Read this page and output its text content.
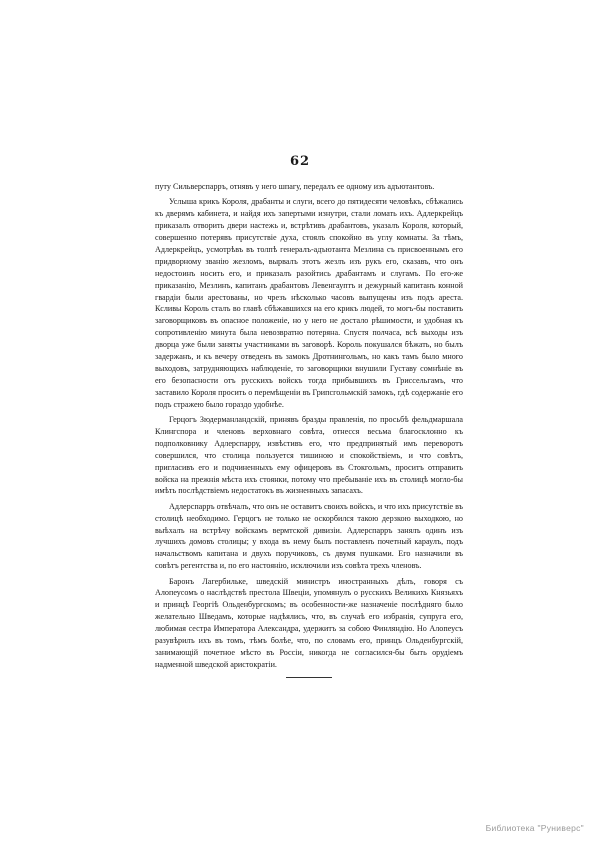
62

путу Сильверспарръ, отнявъ у него шпагу, передалъ ее одному изъ адъютантовъ.

Услыша крикъ Короля, драбанты и слуги, всего до пятидесяти человѣкъ, сбѣжались къ дверямъ кабинета, и найдя ихъ запертыми изнутри, стали ломать ихъ. Адлеркрейцъ приказалъ отворить двери настежь и, встрѣтивъ драбантовъ, указалъ Короля, который, совершенно потерявъ присутствіе духа, стоялъ спокойно въ углу комнаты. За тѣмъ, Адлеркрейцъ, усмотрѣвъ въ толпѣ генералъ-адъютанта Мезлина съ присвоеннымъ его придворному званію жезломъ, вырвалъ этотъ жезлъ изъ рукъ его, сказавъ, что онъ недостоинъ носить его, и приказалъ разойтись драбантамъ и слугамъ. По его-же приказанію, Мезлинъ, капитанъ драбантовъ Левенгауптъ и дежурный капитанъ конной гвардіи были арестованы, но чрезъ нѣсколько часовъ выпущены изъ подъ ареста. Ксливы Король сталъ во главѣ сбѣжавшихся на его крикъ людей, то могъ-бы поставить заговорщиковъ въ опасное положеніе, но у него не достало рѣшимости, и удобная къ сопротивленію минута была невозвратно потеряна. Спустя полчаса, всѣ выходы изъ дворца уже были заняты участниками въ заговорѣ. Король покушался бѣжать, но былъ задержанъ, и къ вечеру отведенъ въ замокъ Дротнингольмъ, но какъ тамъ было много выходовъ, затрудняющихъ наблюденіе, то заговорщики внушили Густаву сомнѣніе въ его безопасности отъ русскихъ войскъ тогда прибывшихъ въ Гриссельгамъ, что заставило Короля просить о перемѣщеніи въ Грипсгольмскій замокъ, гдѣ содержаніе его подъ стражею было гораздо удобнѣе.

Герцогъ Зюдерманландскій, принявъ бразды правленія, по просьбѣ фельдмаршала Клингспора и членовъ верховнаго совѣта, отнесся весьма благосклонно къ подполковнику Адлерспарру, извѣстивъ его, что предпринятый имъ переворотъ совершился, что столица пользуется тишиною и спокойствіемъ, и что совѣтъ, пригласивъ его и подчиненныхъ ему офицеровъ въ Стокгольмъ, проситъ отправить войска на прежнія мѣста ихъ стоянки, потому что пребываніе ихъ въ столицѣ могло-бы имѣть послѣдствіемъ недостатокъ въ жизненныхъ запасахъ.

Адлерспарръ отвѣчалъ, что онъ не оставитъ своихъ войскъ, и что ихъ присутствіе въ столицѣ необходимо. Герцогъ не только не оскорбился такою дерзкою выходкою, но выѣхалъ на встрѣчу войскамъ вермтской дивизіи. Адлерспарръ занялъ одинъ изъ лучшихъ домовъ столицы; у входа въ нему былъ поставленъ почетный караулъ, подъ начальствомъ капитана и двухъ поручиковъ, съ двумя пушками. Его назначили въ совѣтъ регентства и, по его настоянію, исключили изъ совѣта трехъ членовъ.

Баронъ Лагербильке, шведскій министръ иностранныхъ дѣлъ, говоря съ Алопеусомъ о наслѣдствѣ престола Швеціи, упомянулъ о русскихъ Великихъ Князьяхъ и принцѣ Георгіѣ Ольденбургскомъ; въ особенности-же назначеніе послѣдняго было желательно Шведамъ, которые надѣялись, что, въ случаѣ его избранія, супруга его, любимая сестра Императора Александра, удержитъ за собою Финляндію. Но Алопеусъ разувѣрилъ ихъ въ томъ, тѣмъ болѣе, что, по словамъ его, принцъ Ольденбургскій, занимающій почетное мѣсто въ Россіи, никогда не согласился-бы быть орудіемъ надменной шведской аристократіи.

Библиотека "Руниверс"
